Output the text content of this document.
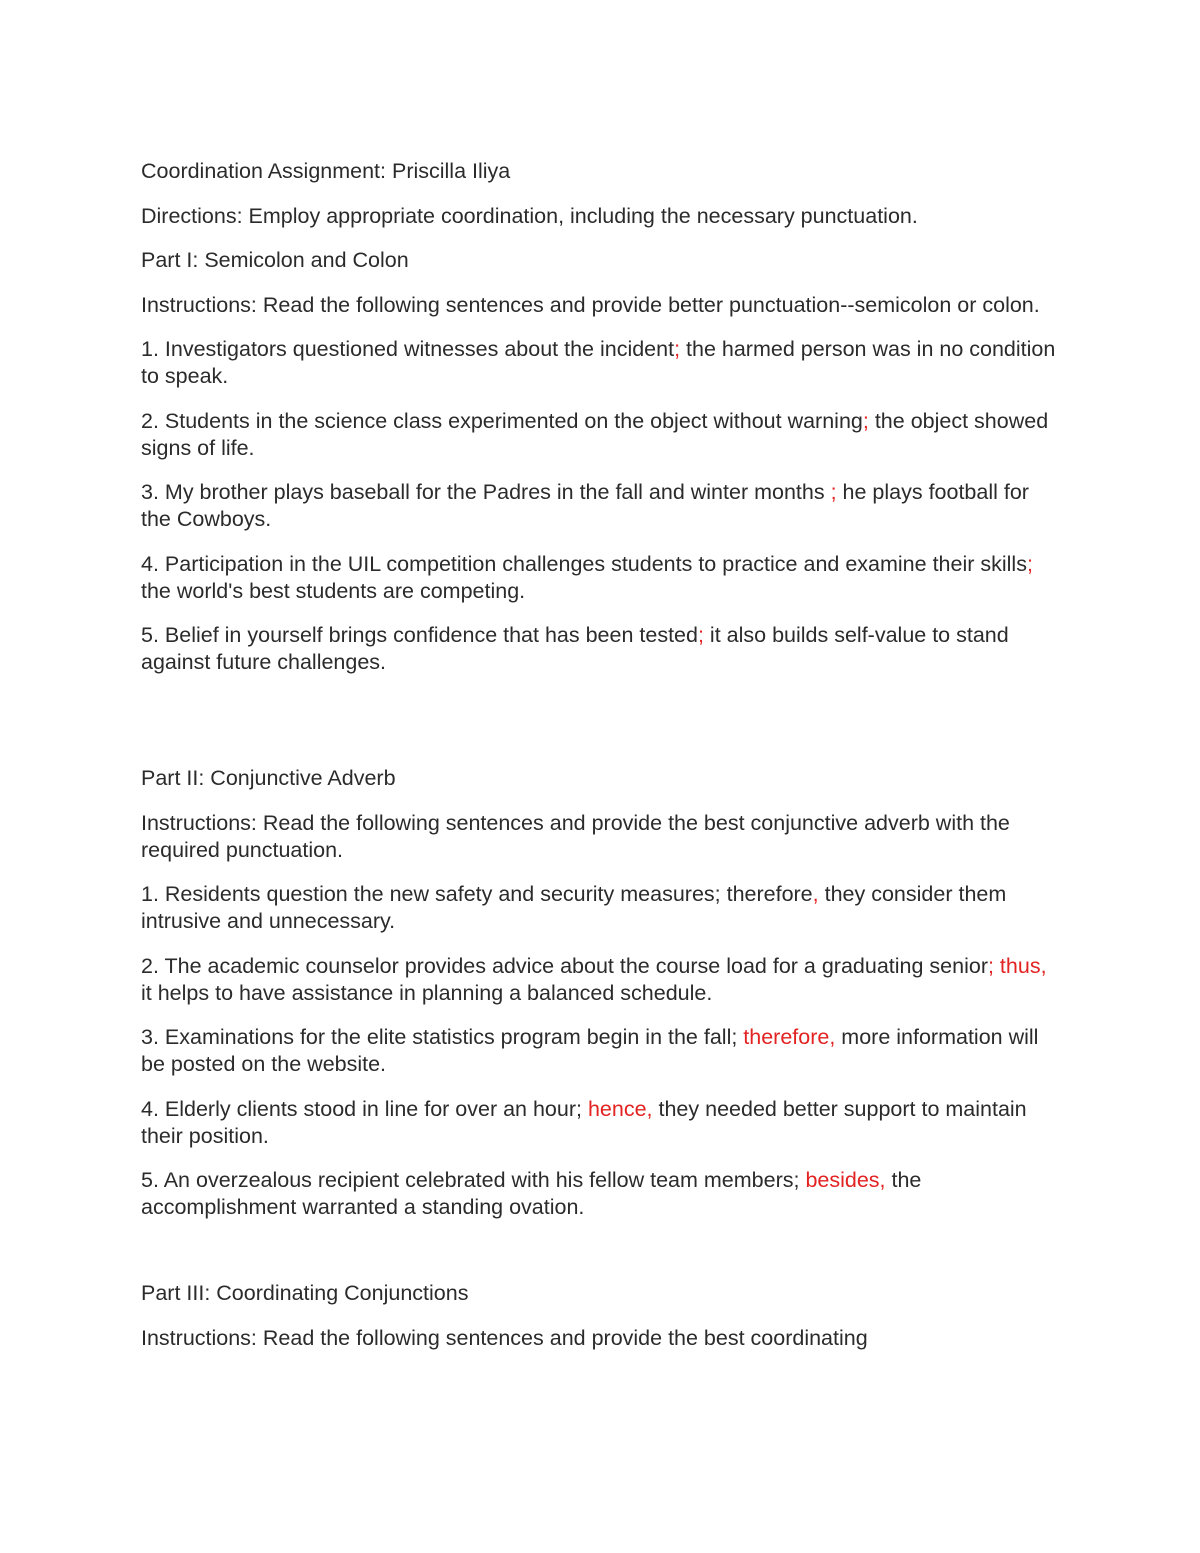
Coordination Assignment: Priscilla Iliya

Directions: Employ appropriate coordination, including the necessary punctuation.

Part I: Semicolon and Colon

Instructions: Read the following sentences and provide better punctuation--semicolon or colon.

1. Investigators questioned witnesses about the incident; the harmed person was in no condition to speak.

2. Students in the science class experimented on the object without warning; the object showed signs of life.

3. My brother plays baseball for the Padres in the fall and winter months ; he plays football for the Cowboys.

4. Participation in the UIL competition challenges students to practice and examine their skills; the world's best students are competing.

5. Belief in yourself brings confidence that has been tested; it also builds self-value to stand against future challenges.

Part II: Conjunctive Adverb

Instructions: Read the following sentences and provide the best conjunctive adverb with the required punctuation.

1. Residents question the new safety and security measures; therefore, they consider them intrusive and unnecessary.

2. The academic counselor provides advice about the course load for a graduating senior; thus, it helps to have assistance in planning a balanced schedule.

3. Examinations for the elite statistics program begin in the fall; therefore, more information will be posted on the website.

4. Elderly clients stood in line for over an hour; hence, they needed better support to maintain their position.

5. An overzealous recipient celebrated with his fellow team members; besides, the accomplishment warranted a standing ovation.

Part III: Coordinating Conjunctions

Instructions: Read the following sentences and provide the best coordinating
